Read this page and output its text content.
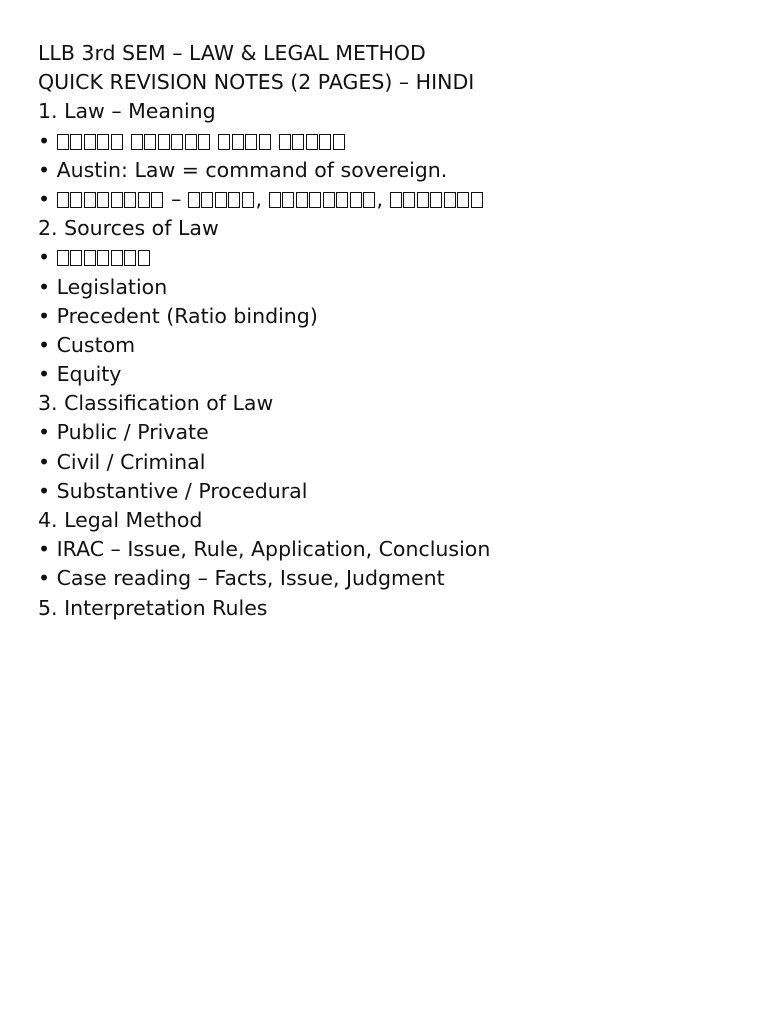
LLB 3rd SEM – LAW & LEGAL METHOD
QUICK REVISION NOTES (2 PAGES) – HINDI
1. Law – Meaning
•
• Austin: Law = command of sovereign.
•	–	,	,
2. Sources of Law
•
• Legislation
• Precedent (Ratio binding)
• Custom
• Equity
3. Classification of Law
• Public / Private
• Civil / Criminal
• Substantive / Procedural
4. Legal Method
• IRAC – Issue, Rule, Application, Conclusion
• Case reading – Facts, Issue, Judgment
5. Interpretation Rules
